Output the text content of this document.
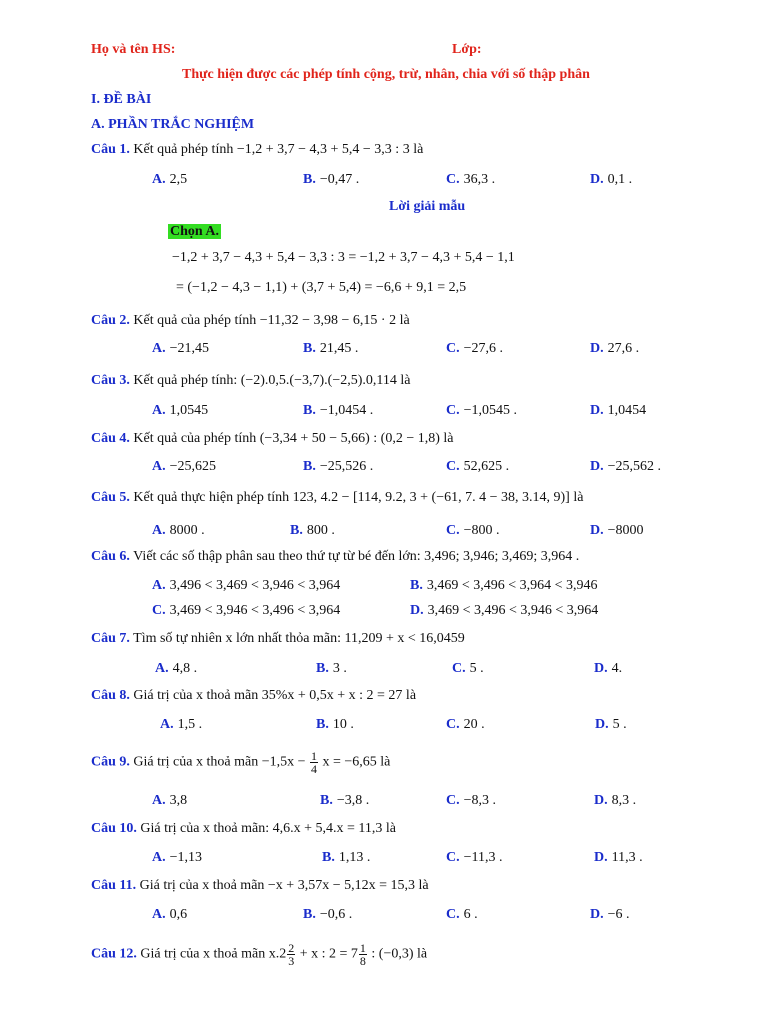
Họ và tên HS:	Lớp:
Thực hiện được các phép tính cộng, trừ, nhân, chia với số thập phân
I. ĐỀ BÀI
A. PHẦN TRẮC NGHIỆM
Câu 1. Kết quả phép tính −1,2 + 3,7 − 4,3 + 5,4 − 3,3 : 3 là
A. 2,5	B. −0,47 .	C. 36,3 .	D. 0,1 .
Lời giải mẫu
Chọn A.
−1,2 + 3,7 − 4,3 + 5,4 − 3,3 : 3 = −1,2 + 3,7 − 4,3 + 5,4 − 1,1
= (−1,2 − 4,3 − 1,1) + (3,7 + 5,4) = −6,6 + 9,1 = 2,5
Câu 2. Kết quả của phép tính −11,32 − 3,98 − 6,15 · 2 là
A. −21,45	B. 21,45 .	C. −27,6 .	D. 27,6 .
Câu 3. Kết quả phép tính: (−2).0,5.(−3,7).(−2,5).0,114 là
A. 1,0545	B. −1,0454 .	C. −1,0545 .	D. 1,0454
Câu 4. Kết quả của phép tính (−3,34 + 50 − 5,66) : (0,2 − 1,8) là
A. −25,625	B. −25,526 .	C. 52,625 .	D. −25,562 .
Câu 5. Kết quả thực hiện phép tính 123, 4.2 − [114, 9.2, 3 + (−61, 7. 4 − 38, 3.14, 9)] là
A. 8000 .	B. 800 .	C. −800 .	D. −8000
Câu 6. Viết các số thập phân sau theo thứ tự từ bé đến lớn: 3,496; 3,946; 3,469; 3,964 .
A. 3,496 < 3,469 < 3,946 < 3,964	B. 3,469 < 3,496 < 3,964 < 3,946
C. 3,469 < 3,946 < 3,496 < 3,964	D. 3,469 < 3,496 < 3,946 < 3,964
Câu 7. Tìm số tự nhiên x lớn nhất thỏa mãn: 11,209 + x < 16,0459
A. 4,8 .	B. 3 .	C. 5 .	D. 4.
Câu 8. Giá trị của x thoả mãn 35%x + 0,5x + x : 2 = 27 là
A. 1,5 .	B. 10 .	C. 20 .	D. 5 .
Câu 9. Giá trị của x thoả mãn $-1,5x - \frac{1}{4}$ x = −6,65 là
A. 3,8	B. −3,8 .	C. −8,3 .	D. 8,3 .
Câu 10. Giá trị của x thoả mãn: 4,6.x + 5,4.x = 11,3 là
A. −1,13	B. 1,13 .	C. −11,3 .	D. 11,3 .
Câu 11. Giá trị của x thoả mãn −x + 3,57x − 5,12x = 15,3 là
A. 0,6	B. −0,6 .	C. 6 .	D. −6 .
Câu 12. Giá trị của x thoả mãn $x.2 \frac{2}{3} + x$ : $2 = 7 \frac{1}{8}$ : (−0,3) là
